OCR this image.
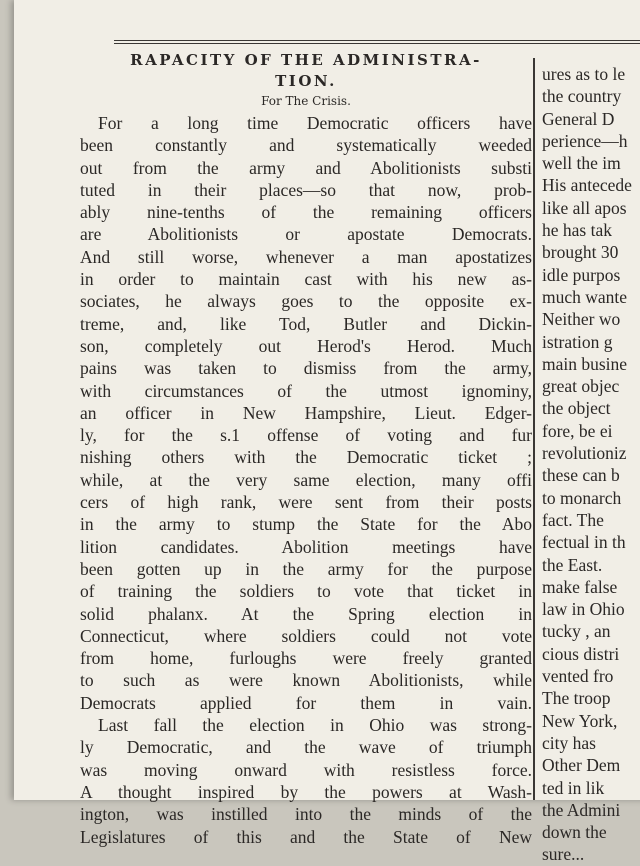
RAPACITY OF THE ADMINISTRA-
TION.
For The Crisis.
For a long time Democratic officers have
been constantly and systematically weeded
out from the army and Abolitionists substi
tuted in their places—so that now, prob-
ably nine-tenths of the remaining officers
are Abolitionists or apostate Democrats.
And still worse, whenever a man apostatizes
in order to maintain cast with his new as-
sociates, he always goes to the opposite ex-
treme, and, like Tod, Butler and Dickin-
son, completely out Herod's Herod. Much
pains was taken to dismiss from the army,
with circumstances of the utmost ignominy,
an officer in New Hampshire, Lieut. Edger-
ly, for the s.1 offense of voting and fur
nishing others with the Democratic ticket ;
while, at the very same election, many offi
cers of high rank, were sent from their posts
in the army to stump the State for the Abo
lition candidates. Abolition meetings have
been gotten up in the army for the purpose
of training the soldiers to vote that ticket in
solid phalanx. At the Spring election in
Connecticut, where soldiers could not vote
from home, furloughs were freely granted
to such as were known Abolitionists, while
Democrats applied for them in vain.
Last fall the election in Ohio was strong-
ly Democratic, and the wave of triumph
was moving onward with resistless force.
A thought inspired by the powers at Wash-
ington, was instilled into the minds of the
Legislatures of this and the State of New
ures as to le
the country
General D
perience—h
well the im
His antecede
like all apos
he has tak
brought 30
idle purpos
much wante
Neither wo
istration g
main busine
great objec
the object
fore, be ei
revolutioniz
these can b
to monarch
fact. The
fectual in th
the East.
make false
law in Ohio
tucky , an
cious distri
vented fro
The troop
New York,
city has
Other Dem
ted in lik
the Admini
down the
sure...
